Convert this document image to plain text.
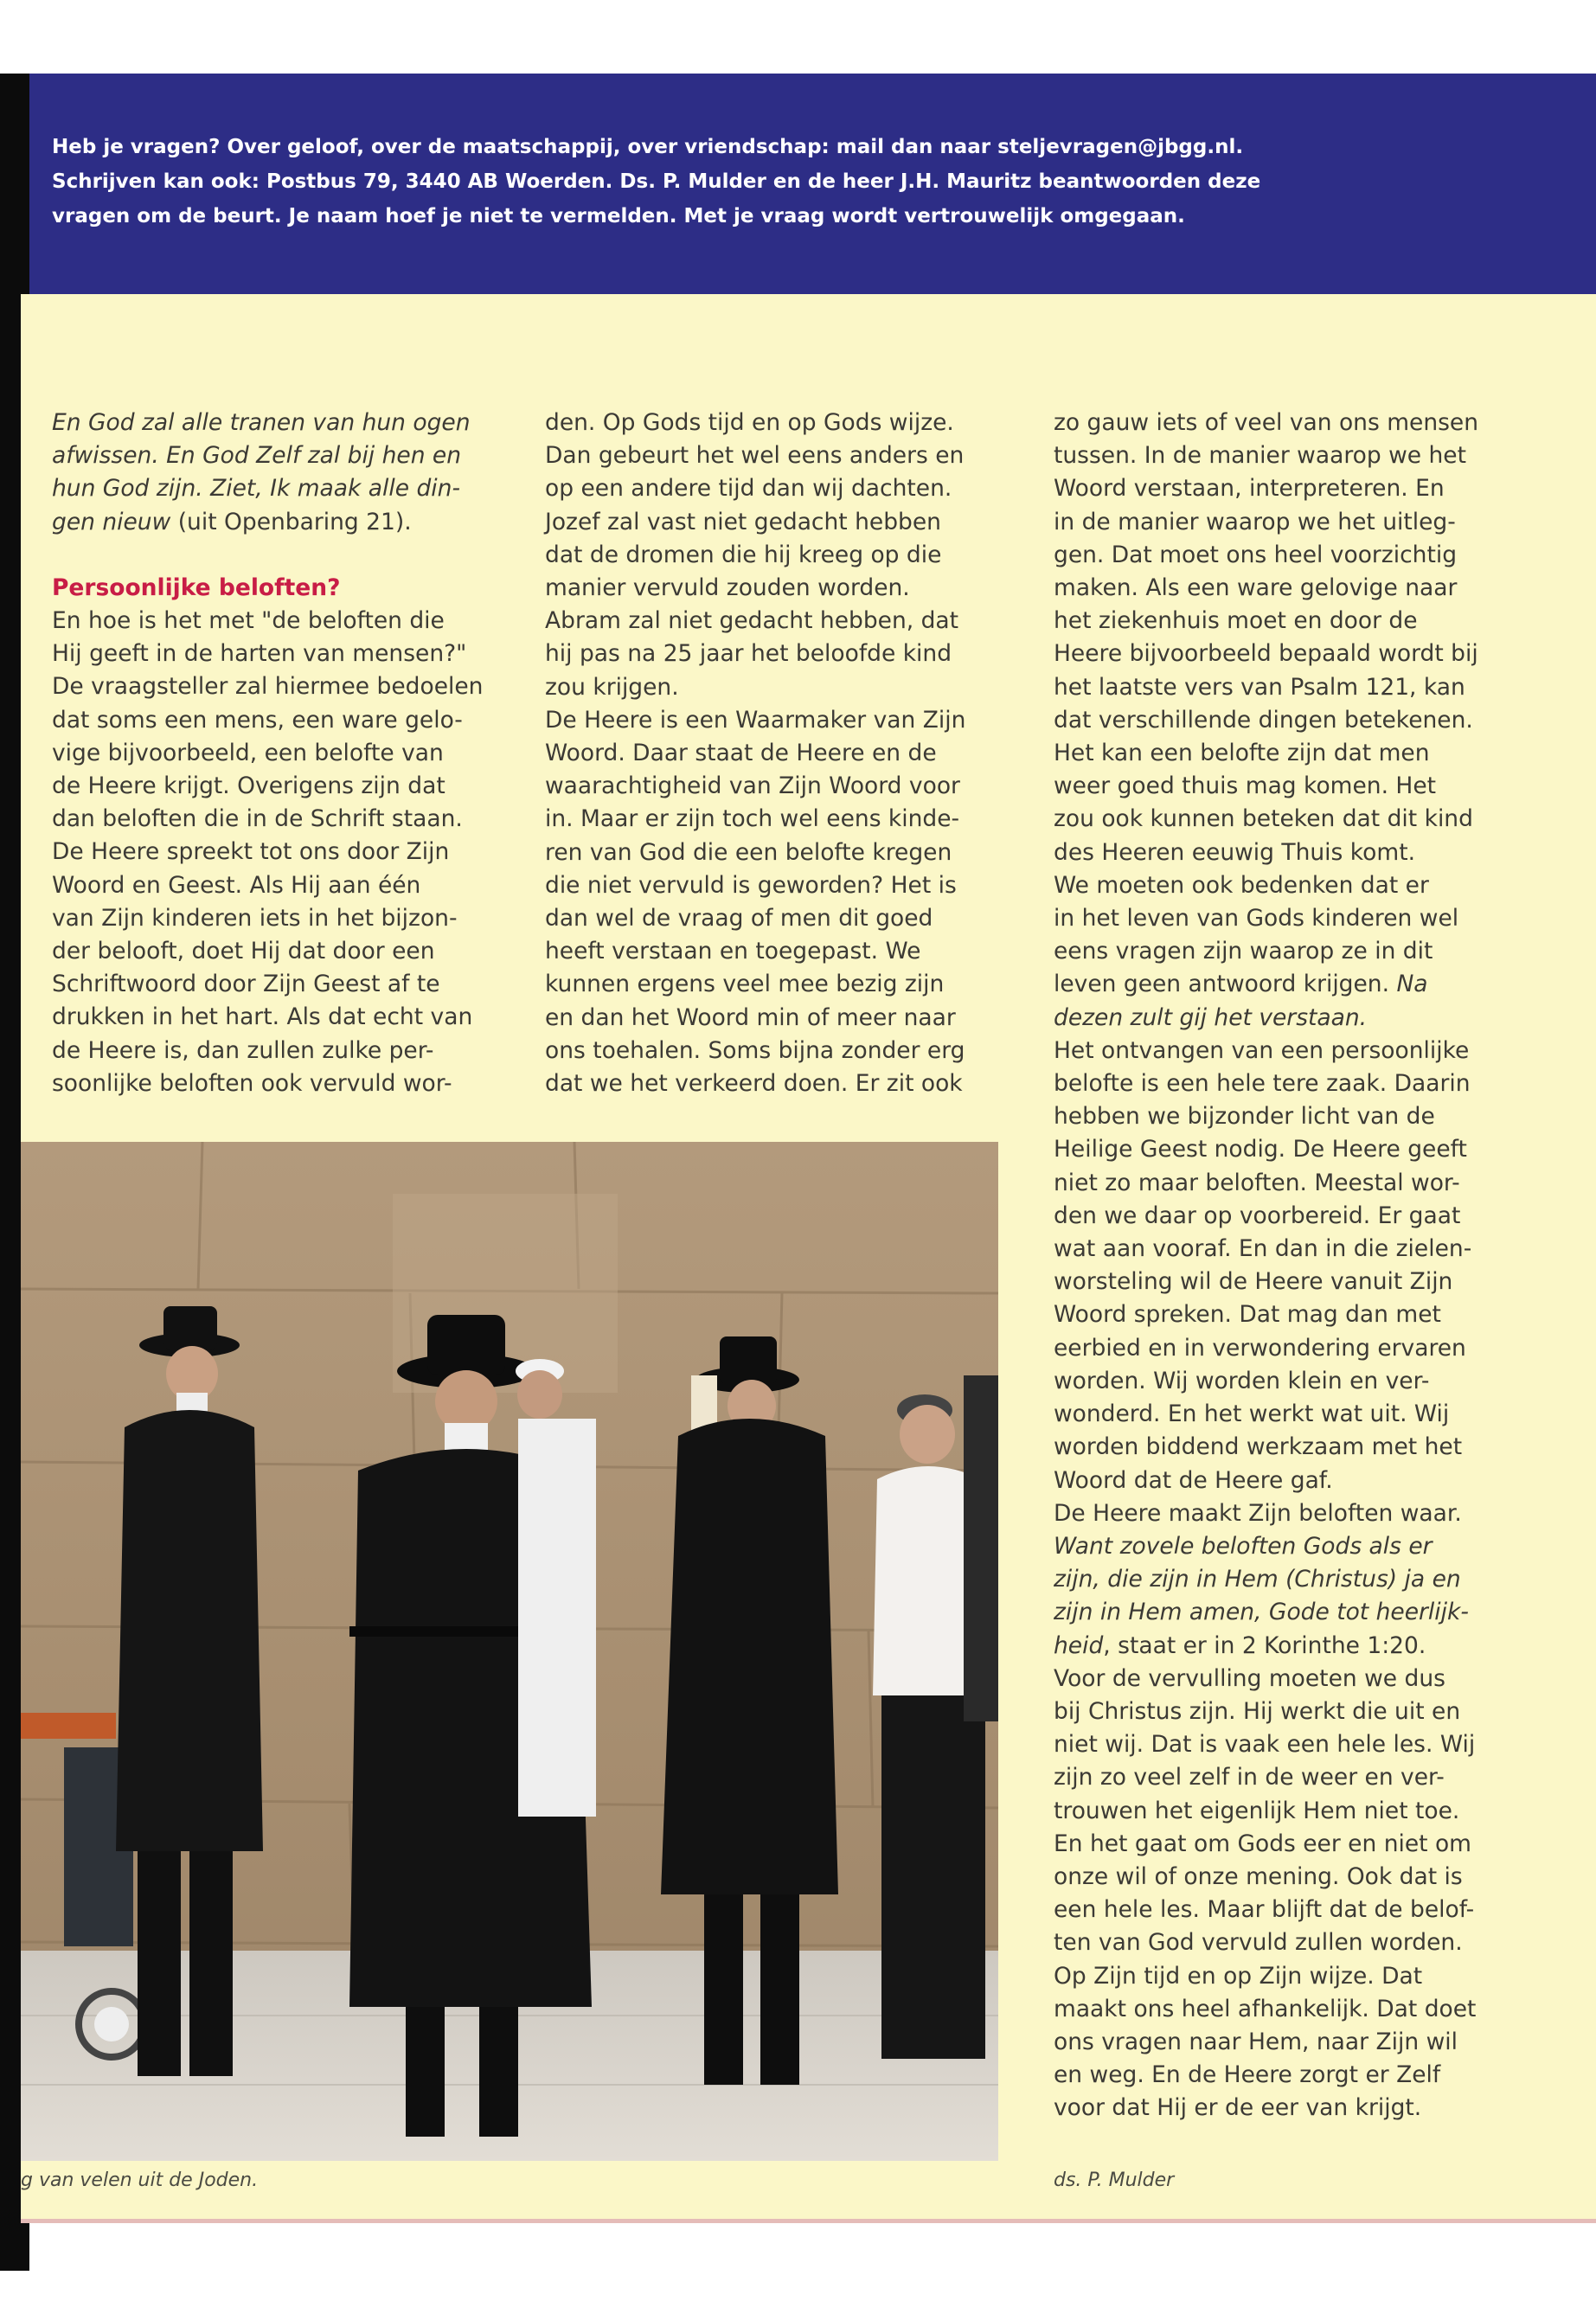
Heb je vragen? Over geloof, over de maatschappij, over vriendschap: mail dan naar steljevragen@jbgg.nl.
Schrijven kan ook: Postbus 79, 3440 AB Woerden. Ds. P. Mulder en de heer J.H. Mauritz beantwoorden deze
vragen om de beurt. Je naam hoef je niet te vermelden. Met je vraag wordt vertrouwelijk omgegaan.

En God zal alle tranen van hun ogen

afwissen. En God Zelf zal bij hen en

hun God zijn. Ziet, Ik maak alle din-

gen nieuw (uit Openbaring 21).

Persoonlijke beloften?

En hoe is het met "de beloften die

Hij geeft in de harten van mensen?"

De vraagsteller zal hiermee bedoelen

dat soms een mens, een ware gelo-

vige bijvoorbeeld, een belofte van

de Heere krijgt. Overigens zijn dat

dan beloften die in de Schrift staan.

De Heere spreekt tot ons door Zijn

Woord en Geest. Als Hij aan één

van Zijn kinderen iets in het bijzon-

der belooft, doet Hij dat door een

Schriftwoord door Zijn Geest af te

drukken in het hart. Als dat echt van

de Heere is, dan zullen zulke per-

soonlijke beloften ook vervuld wor-

den. Op Gods tijd en op Gods wijze.

Dan gebeurt het wel eens anders en

op een andere tijd dan wij dachten.

Jozef zal vast niet gedacht hebben

dat de dromen die hij kreeg op die

manier vervuld zouden worden.

Abram zal niet gedacht hebben, dat

hij pas na 25 jaar het beloofde kind

zou krijgen.

De Heere is een Waarmaker van Zijn

Woord. Daar staat de Heere en de

waarachtigheid van Zijn Woord voor

in. Maar er zijn toch wel eens kinde-

ren van God die een belofte kregen

die niet vervuld is geworden? Het is

dan wel de vraag of men dit goed

heeft verstaan en toegepast. We

kunnen ergens veel mee bezig zijn

en dan het Woord min of meer naar

ons toehalen. Soms bijna zonder erg

dat we het verkeerd doen. Er zit ook

zo gauw iets of veel van ons mensen

tussen. In de manier waarop we het

Woord verstaan, interpreteren. En

in de manier waarop we het uitleg-

gen. Dat moet ons heel voorzichtig

maken. Als een ware gelovige naar

het ziekenhuis moet en door de

Heere bijvoorbeeld bepaald wordt bij

het laatste vers van Psalm 121, kan

dat verschillende dingen betekenen.

Het kan een belofte zijn dat men

weer goed thuis mag komen. Het

zou ook kunnen beteken dat dit kind

des Heeren eeuwig Thuis komt.

We moeten ook bedenken dat er

in het leven van Gods kinderen wel

eens vragen zijn waarop ze in dit

leven geen antwoord krijgen. Na

dezen zult gij het verstaan.

Het ontvangen van een persoonlijke

belofte is een hele tere zaak. Daarin

hebben we bijzonder licht van de

Heilige Geest nodig. De Heere geeft

niet zo maar beloften. Meestal wor-

den we daar op voorbereid. Er gaat

wat aan vooraf. En dan in die zielen-

worsteling wil de Heere vanuit Zijn

Woord spreken. Dat mag dan met

eerbied en in verwondering ervaren

worden. Wij worden klein en ver-

wonderd. En het werkt wat uit. Wij

worden biddend werkzaam met het

Woord dat de Heere gaf.

De Heere maakt Zijn beloften waar.

Want zovele beloften Gods als er

zijn, die zijn in Hem (Christus) ja en

zijn in Hem amen, Gode tot heerlijk-

heid, staat er in 2 Korinthe 1:20.

Voor de vervulling moeten we dus

bij Christus zijn. Hij werkt die uit en

niet wij. Dat is vaak een hele les. Wij

zijn zo veel zelf in de weer en ver-

trouwen het eigenlijk Hem niet toe.

En het gaat om Gods eer en niet om

onze wil of onze mening. Ook dat is

een hele les. Maar blijft dat de belof-

ten van God vervuld zullen worden.

Op Zijn tijd en op Zijn wijze. Dat

maakt ons heel afhankelijk. Dat doet

ons vragen naar Hem, naar Zijn wil

en weg. En de Heere zorgt er Zelf

voor dat Hij er de eer van krijgt.

g van velen uit de Joden.	ds. P. Mulder
